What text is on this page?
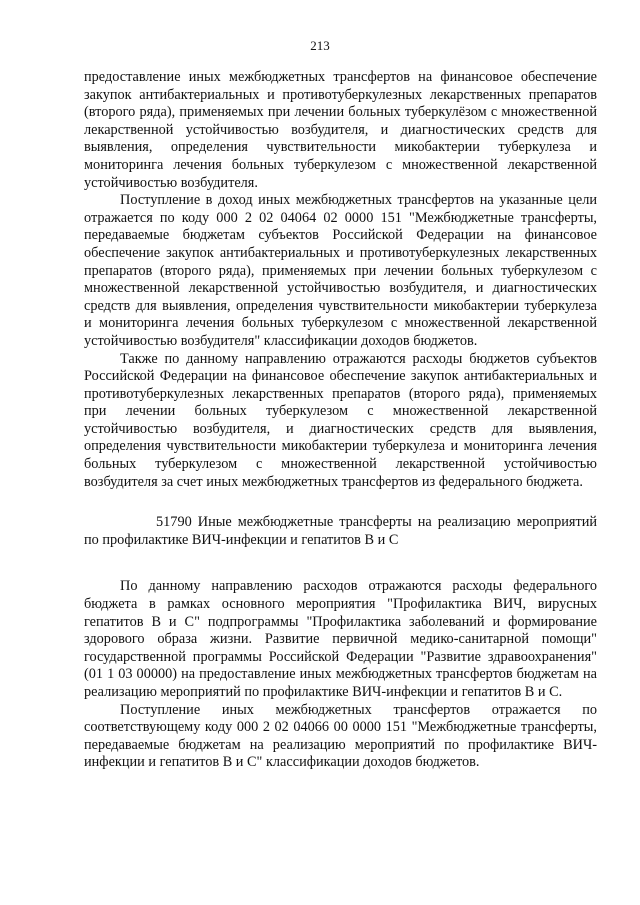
213

предоставление иных межбюджетных трансфертов на финансовое обеспечение закупок антибактериальных и противотуберкулезных лекарственных препаратов (второго ряда), применяемых при лечении больных туберкулёзом с множественной лекарственной устойчивостью возбудителя, и диагностических средств для выявления, определения чувствительности микобактерии туберкулеза и мониторинга лечения больных туберкулезом с множественной лекарственной устойчивостью возбудителя.

Поступление в доход иных межбюджетных трансфертов на указанные цели отражается по коду 000 2 02 04064 02 0000 151 "Межбюджетные трансферты, передаваемые бюджетам субъектов Российской Федерации на финансовое обеспечение закупок антибактериальных и противотуберкулезных лекарственных препаратов (второго ряда), применяемых при лечении больных туберкулезом с множественной лекарственной устойчивостью возбудителя, и диагностических средств для выявления, определения чувствительности микобактерии туберкулеза и мониторинга лечения больных туберкулезом с множественной лекарственной устойчивостью возбудителя" классификации доходов бюджетов.

Также по данному направлению отражаются расходы бюджетов субъектов Российской Федерации на финансовое обеспечение закупок антибактериальных и противотуберкулезных лекарственных препаратов (второго ряда), применяемых при лечении больных туберкулезом с множественной лекарственной устойчивостью возбудителя, и диагностических средств для выявления, определения чувствительности микобактерии туберкулеза и мониторинга лечения больных туберкулезом с множественной лекарственной устойчивостью возбудителя за счет иных межбюджетных трансфертов из федерального бюджета.

51790 Иные межбюджетные трансферты на реализацию мероприятий по профилактике ВИЧ-инфекции и гепатитов B и C

По данному направлению расходов отражаются расходы федерального бюджета в рамках основного мероприятия "Профилактика ВИЧ, вирусных гепатитов B и C" подпрограммы "Профилактика заболеваний и формирование здорового образа жизни. Развитие первичной медико-санитарной помощи" государственной программы Российской Федерации "Развитие здравоохранения" (01 1 03 00000) на предоставление иных межбюджетных трансфертов бюджетам на реализацию мероприятий по профилактике ВИЧ-инфекции и гепатитов B и C.

Поступление иных межбюджетных трансфертов отражается по соответствующему коду 000 2 02 04066 00 0000 151 "Межбюджетные трансферты, передаваемые бюджетам на реализацию мероприятий по профилактике ВИЧ-инфекции и гепатитов B и C" классификации доходов бюджетов.
